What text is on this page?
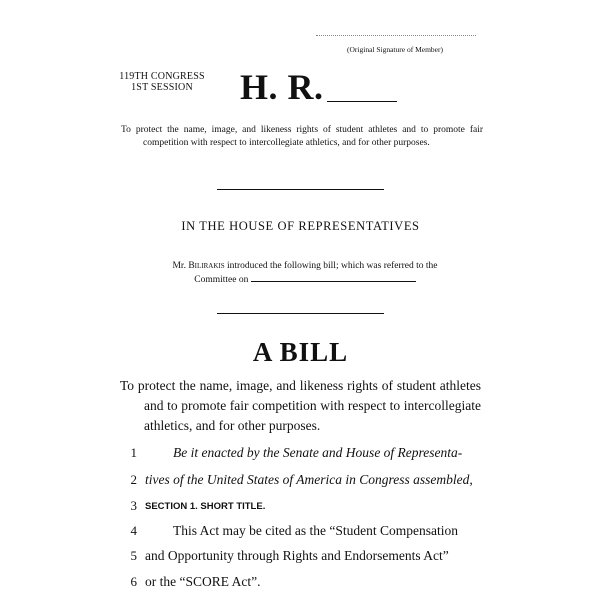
(Original Signature of Member)
119TH CONGRESS
1ST SESSION	H. R.
To protect the name, image, and likeness rights of student athletes and to promote fair competition with respect to intercollegiate athletics, and for other purposes.
IN THE HOUSE OF REPRESENTATIVES
Mr. Bilirakis introduced the following bill; which was referred to the
Committee on
A BILL
To protect the name, image, and likeness rights of student athletes and to promote fair competition with respect to intercollegiate athletics, and for other purposes.
1	Be it enacted by the Senate and House of Representa-
2 tives of the United States of America in Congress assembled,
3 SECTION 1. SHORT TITLE.
4	This Act may be cited as the “Student Compensation
5 and Opportunity through Rights and Endorsements Act”
6 or the “SCORE Act”.
